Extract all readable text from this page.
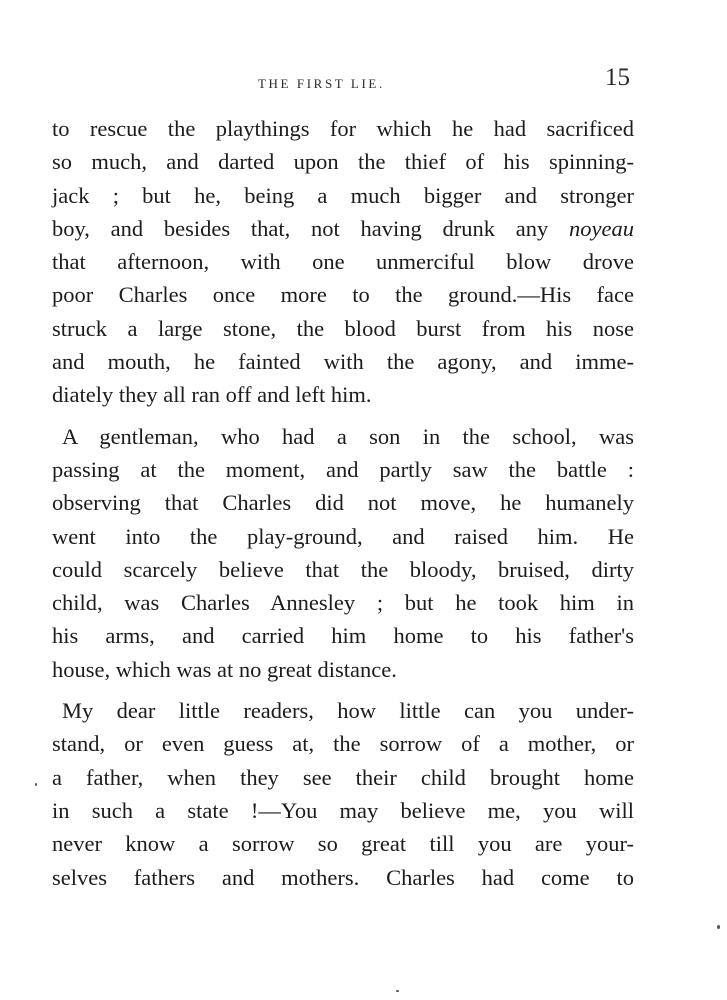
THE FIRST LIE.	15
to rescue the playthings for which he had sacrificed
so much, and darted upon the thief of his spinning-
jack ; but he, being a much bigger and stronger
boy, and besides that, not having drunk any noyeau
that afternoon, with one unmerciful blow drove
poor Charles once more to the ground.—His face
struck a large stone, the blood burst from his nose
and mouth, he fainted with the agony, and imme-
diately they all ran off and left him.
A gentleman, who had a son in the school, was
passing at the moment, and partly saw the battle :
observing that Charles did not move, he humanely
went into the play-ground, and raised him. He
could scarcely believe that the bloody, bruised, dirty
child, was Charles Annesley ; but he took him in
his arms, and carried him home to his father's
house, which was at no great distance.
My dear little readers, how little can you under-
stand, or even guess at, the sorrow of a mother, or
a father, when they see their child brought home
in such a state !—You may believe me, you will
never know a sorrow so great till you are your-
selves fathers and mothers. Charles had come to
